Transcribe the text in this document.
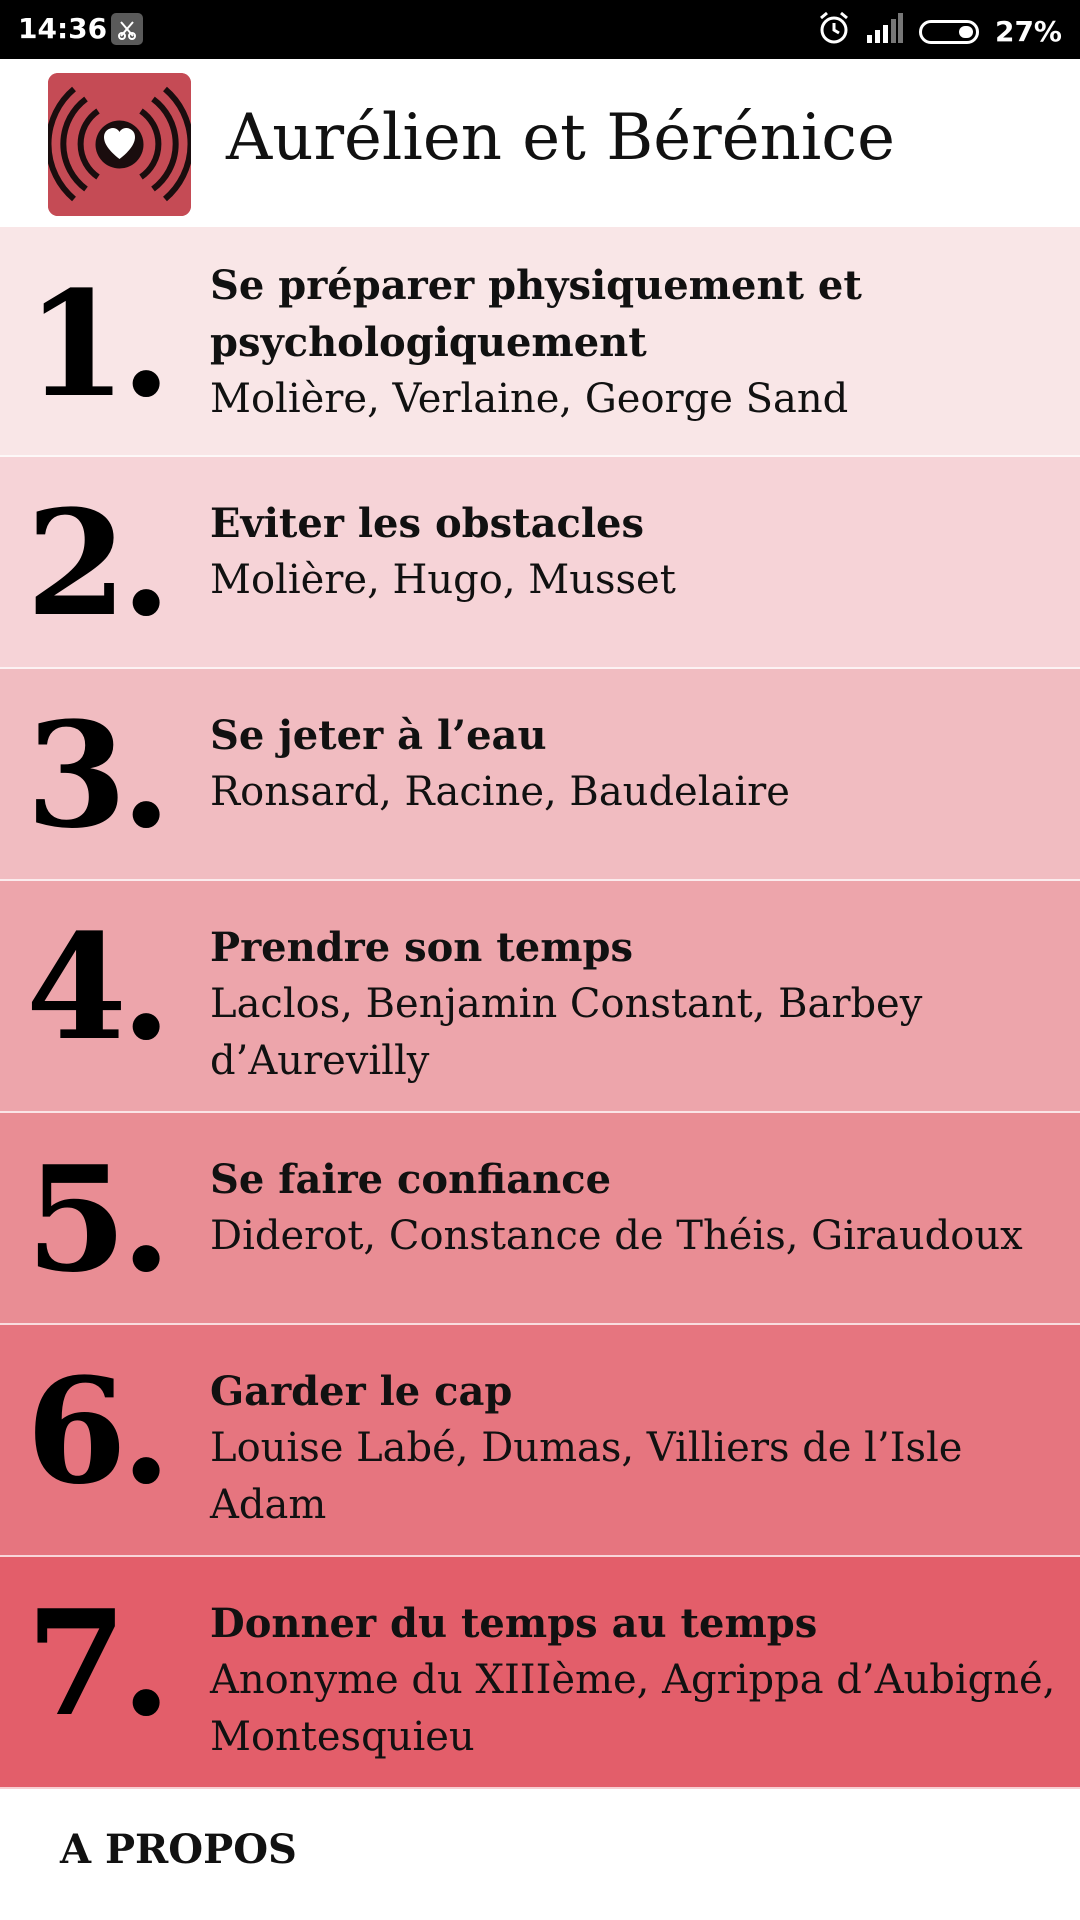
14:36	27%
Aurélien et Bérénice
1. Se préparer physiquement et psychologiquement
Molière, Verlaine, George Sand
2. Eviter les obstacles
Molière, Hugo, Musset
3. Se jeter à l’eau
Ronsard, Racine, Baudelaire
4. Prendre son temps
Laclos, Benjamin Constant, Barbey d’Aurevilly
5. Se faire confiance
Diderot, Constance de Théis, Giraudoux
6. Garder le cap
Louise Labé, Dumas, Villiers de l’Isle Adam
7. Donner du temps au temps
Anonyme du XIIIème, Agrippa d’Aubigné, Montesquieu
A PROPOS
